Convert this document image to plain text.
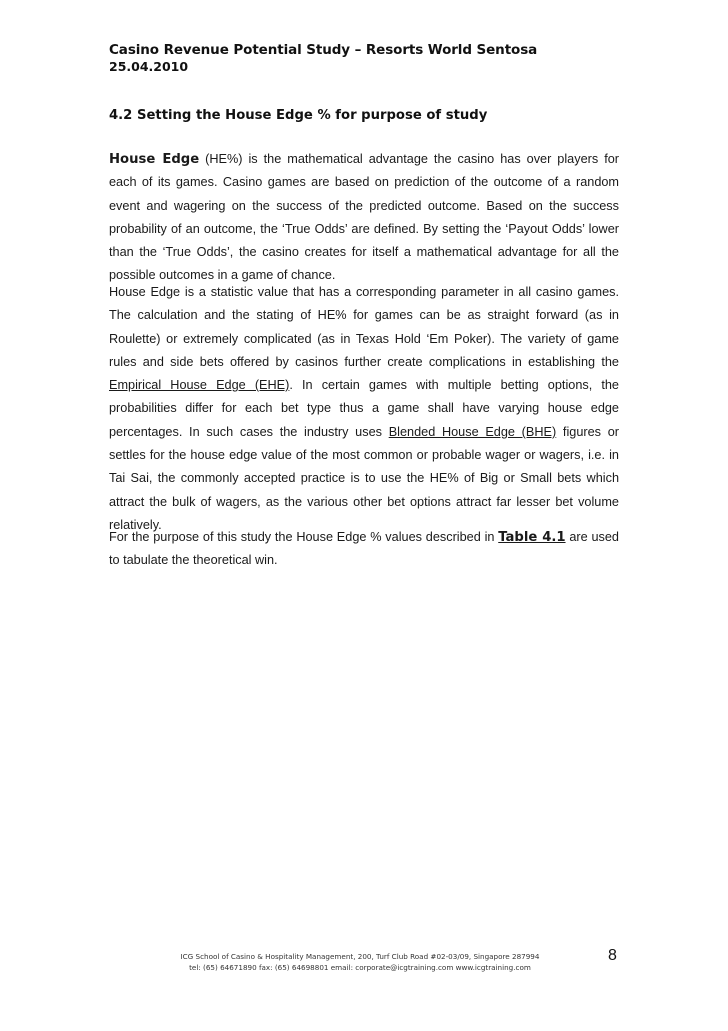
Casino Revenue Potential Study – Resorts World Sentosa
25.04.2010
4.2 Setting the House Edge % for purpose of study
House Edge (HE%) is the mathematical advantage the casino has over players for each of its games. Casino games are based on prediction of the outcome of a random event and wagering on the success of the predicted outcome. Based on the success probability of an outcome, the ‘True Odds’ are defined. By setting the ‘Payout Odds’ lower than the ‘True Odds’, the casino creates for itself a mathematical advantage for all the possible outcomes in a game of chance.
House Edge is a statistic value that has a corresponding parameter in all casino games. The calculation and the stating of HE% for games can be as straight forward (as in Roulette) or extremely complicated (as in Texas Hold ‘Em Poker). The variety of game rules and side bets offered by casinos further create complications in establishing the Empirical House Edge (EHE). In certain games with multiple betting options, the probabilities differ for each bet type thus a game shall have varying house edge percentages. In such cases the industry uses Blended House Edge (BHE) figures or settles for the house edge value of the most common or probable wager or wagers, i.e. in Tai Sai, the commonly accepted practice is to use the HE% of Big or Small bets which attract the bulk of wagers, as the various other bet options attract far lesser bet volume relatively.
For the purpose of this study the House Edge % values described in Table 4.1 are used to tabulate the theoretical win.
ICG School of Casino & Hospitality Management, 200, Turf Club Road #02-03/09, Singapore 287994
tel: (65) 64671890 fax: (65) 64698801 email: corporate@icgtraining.com www.icgtraining.com
8
